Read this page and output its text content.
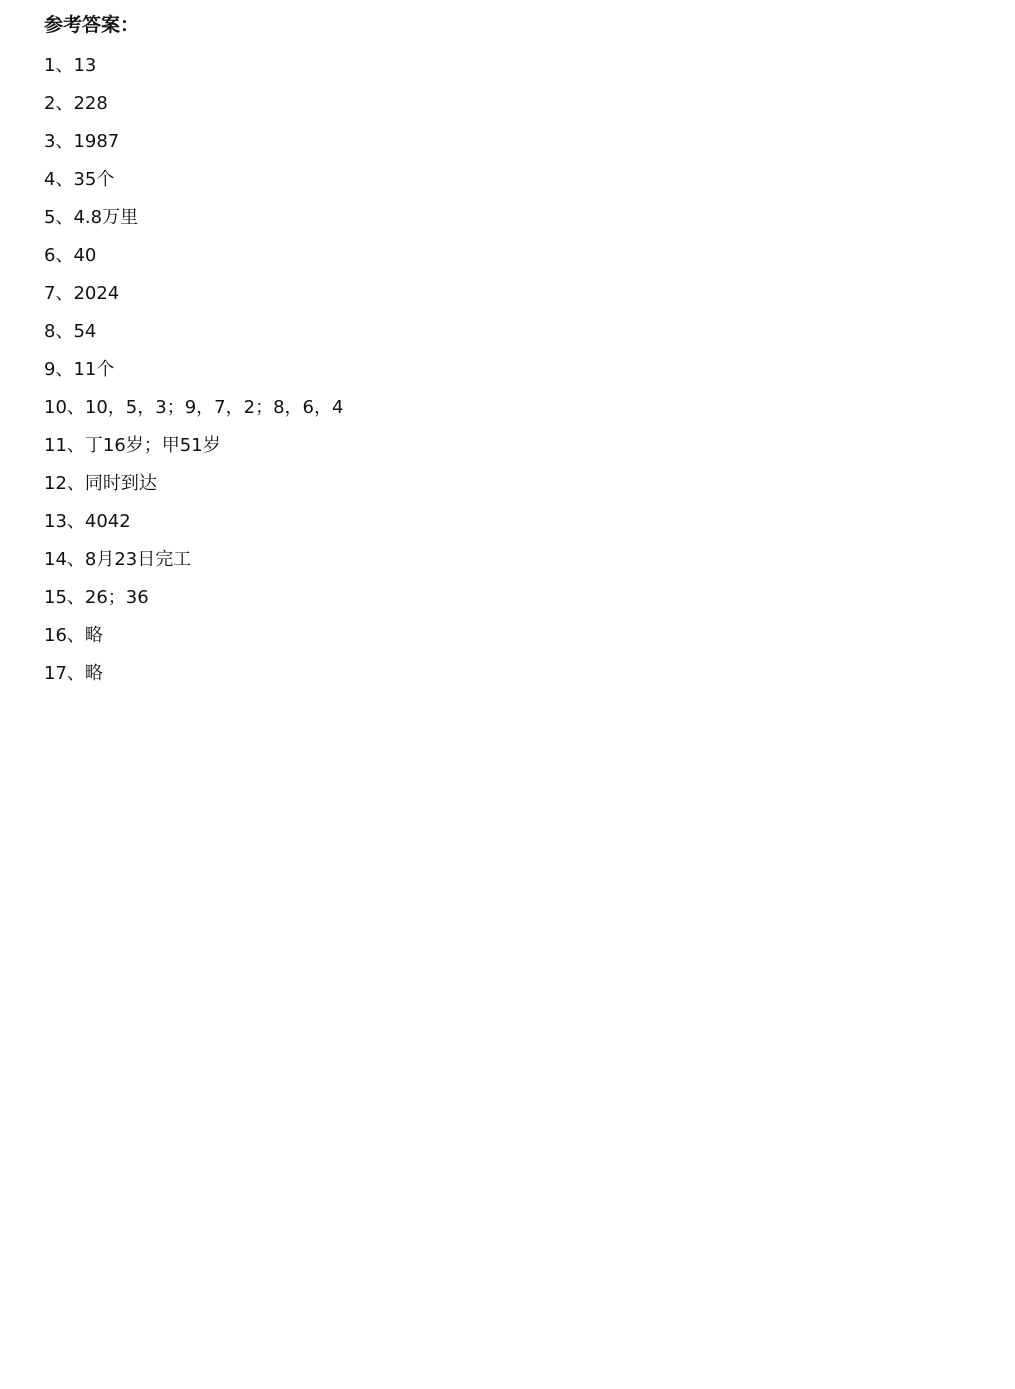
参考答案：
1、13
2、228
3、1987
4、35个
5、4.8万里
6、40
7、2024
8、54
9、11个
10、10，5，3；9，7，2；8，6，4
11、丁16岁；甲51岁
12、同时到达
13、4042
14、8月23日完工
15、26；36
16、略
17、略
